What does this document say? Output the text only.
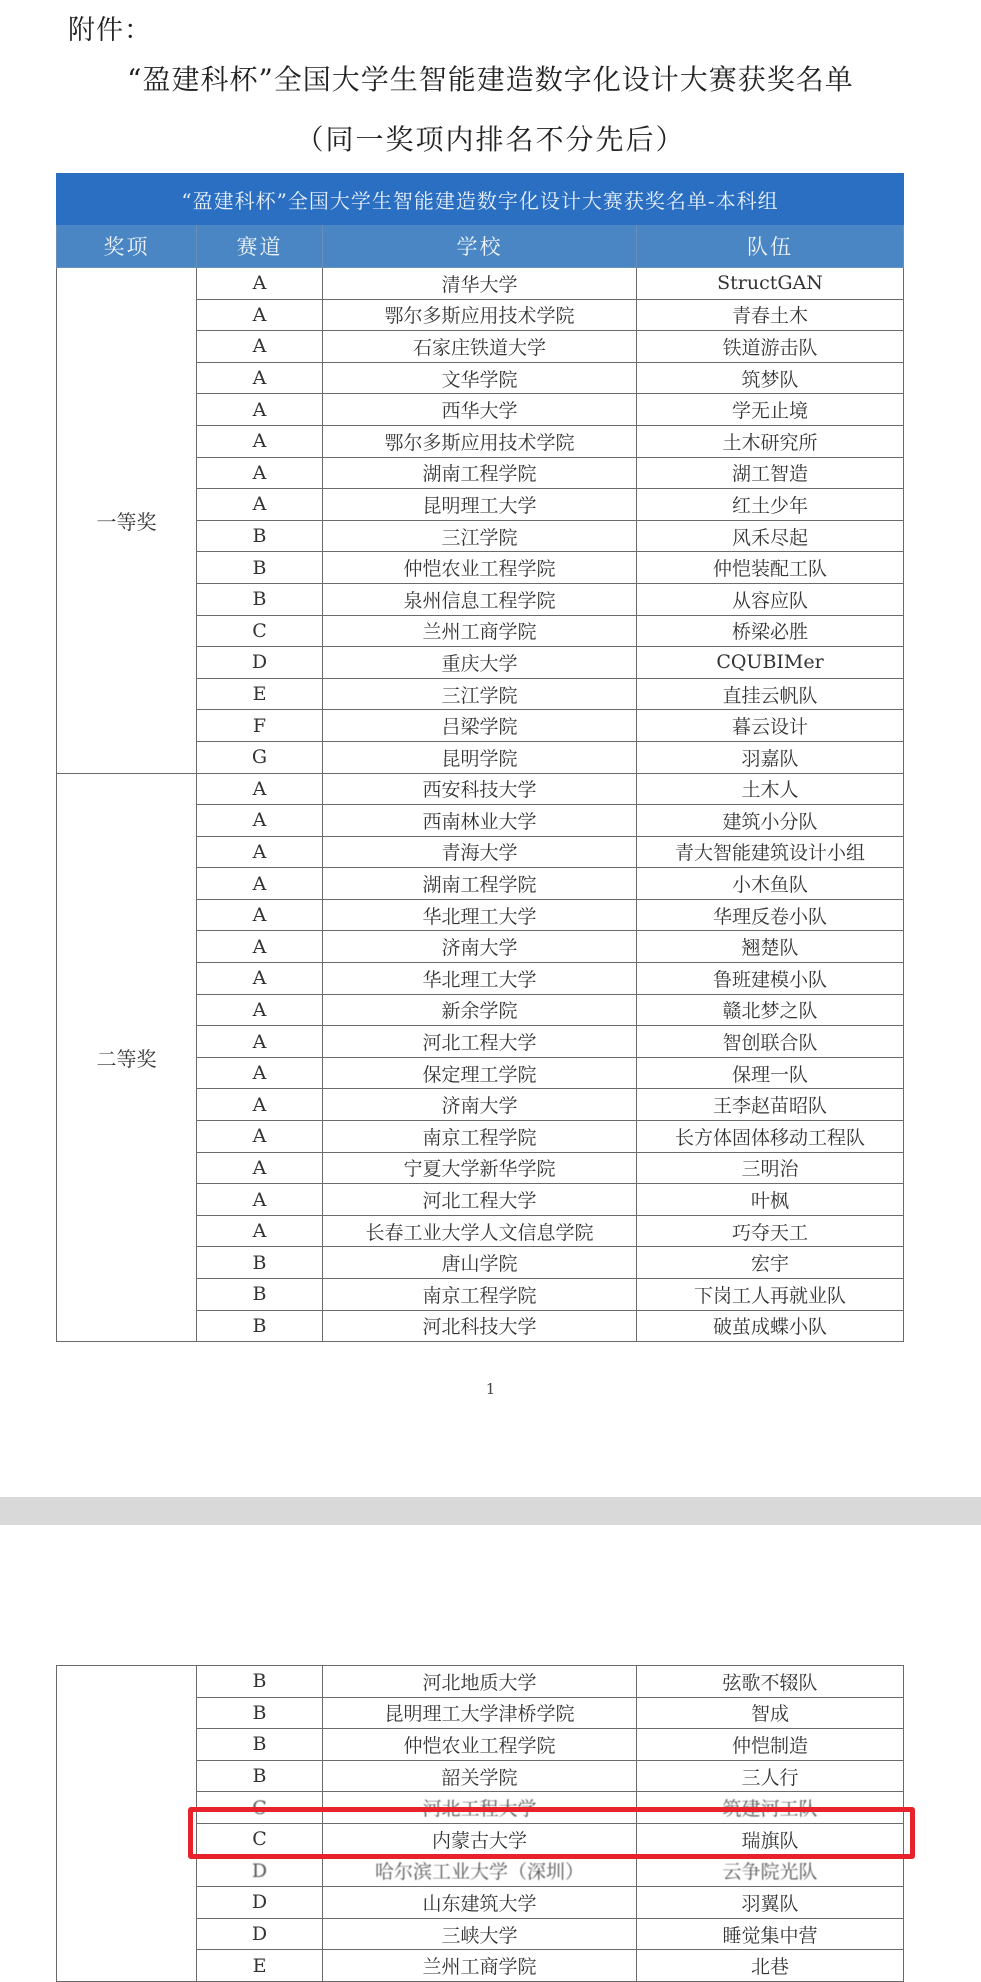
附件：
“盈建科杯”全国大学生智能建造数字化设计大赛获奖名单
（同一奖项内排名不分先后）
“盈建科杯”全国大学生智能建造数字化设计大赛获奖名单-本科组			
奖项	赛道	学校	队伍
一等奖	A	清华大学	StructGAN
	A	鄂尔多斯应用技术学院	青春土木
	A	石家庄铁道大学	铁道游击队
	A	文华学院	筑梦队
	A	西华大学	学无止境
	A	鄂尔多斯应用技术学院	土木研究所
	A	湖南工程学院	湖工智造
	A	昆明理工大学	红土少年
	B	三江学院	风禾尽起
	B	仲恺农业工程学院	仲恺装配工队
	B	泉州信息工程学院	从容应队
	C	兰州工商学院	桥梁必胜
	D	重庆大学	CQUBIMer
	E	三江学院	直挂云帆队
	F	吕梁学院	暮云设计
	G	昆明学院	羽嘉队
二等奖	A	西安科技大学	土木人
	A	西南林业大学	建筑小分队
	A	青海大学	青大智能建筑设计小组
	A	湖南工程学院	小木鱼队
	A	华北理工大学	华理反卷小队
	A	济南大学	翘楚队
	A	华北理工大学	鲁班建模小队
	A	新余学院	赣北梦之队
	A	河北工程大学	智创联合队
	A	保定理工学院	保理一队
	A	济南大学	王李赵苗昭队
	A	南京工程学院	长方体固体移动工程队
	A	宁夏大学新华学院	三明治
	A	河北工程大学	叶枫
	A	长春工业大学人文信息学院	巧夺天工
	B	唐山学院	宏宇
	B	南京工程学院	下岗工人再就业队
	B	河北科技大学	破茧成蝶小队
1
	B	河北地质大学	弦歌不辍队
	B	昆明理工大学津桥学院	智成
	B	仲恺农业工程学院	仲恺制造
	B	韶关学院	三人行
	C	河北工程大学	筑建河工队
	C	内蒙古大学	瑞旗队
	D	哈尔滨工业大学（深圳）	云争院光队
	D	山东建筑大学	羽翼队
	D	三峡大学	睡觉集中营
	E	兰州工商学院	北巷
